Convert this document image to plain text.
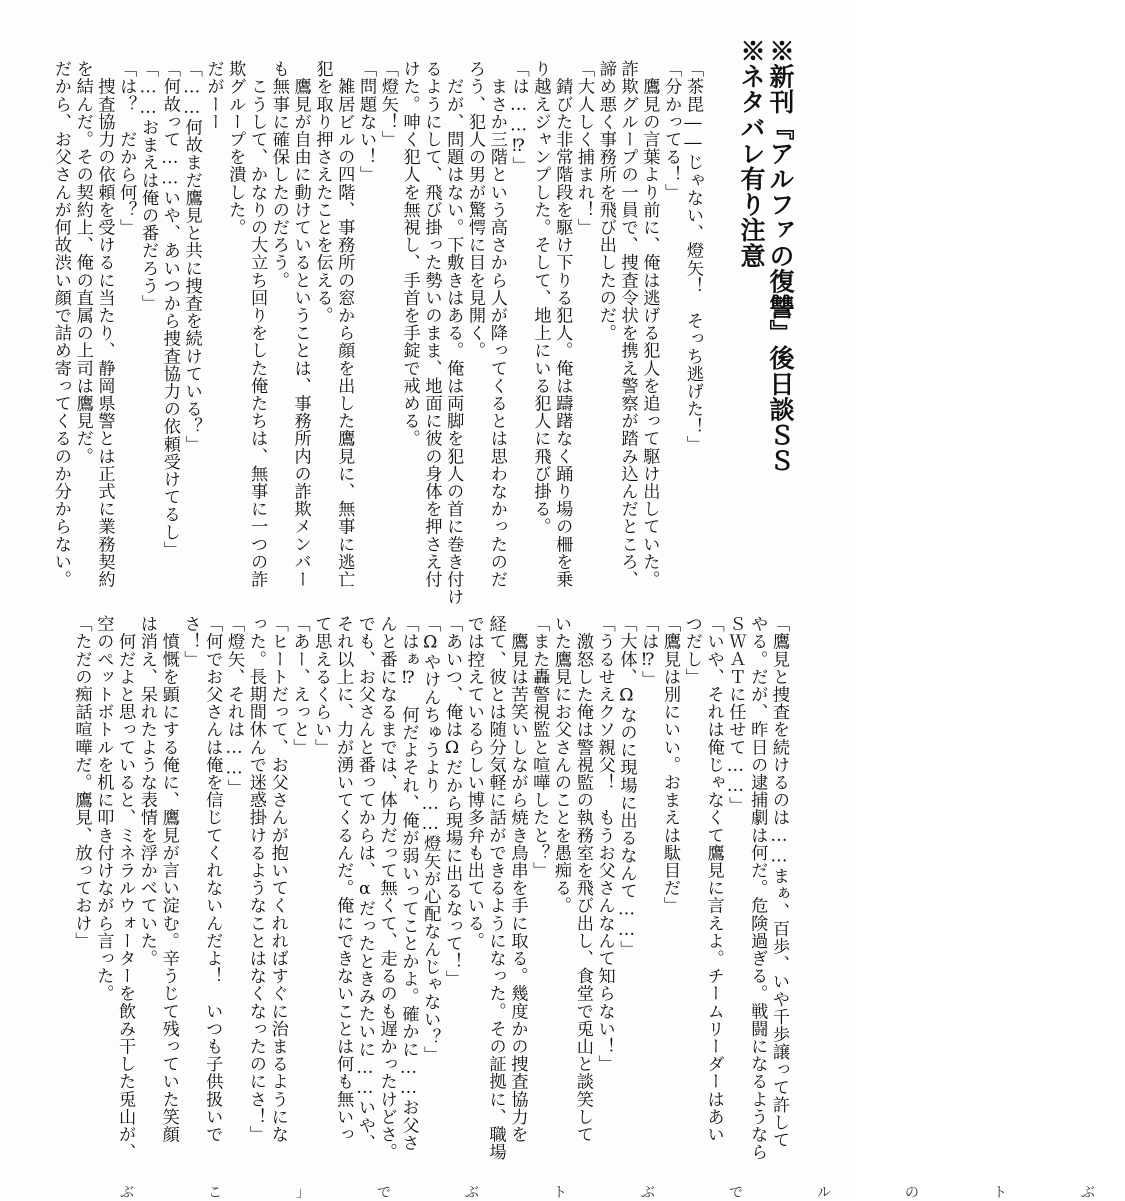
※新刊『アルファの復讐』後日談ＳＳ
※ネタバレ有り注意
「茶毘――じゃない、燈矢！　そっち逃げた！」
「分かってる！」
　鷹見の言葉より前に、俺は逃げる犯人を追って駆け出していた。
詐欺グループの一員で、捜査令状を携え警察が踏み込んだところ、
諦め悪く事務所を飛び出したのだ。
「大人しく捕まれ！」
　錆びた非常階段を駆け下りる犯人。俺は躊躇なく踊り場の柵を乗
り越えジャンプした。そして、地上にいる犯人に飛び掛る。
「は……⁉」
　まさか三階という高さから人が降ってくるとは思わなかったのだ
ろう、犯人の男が驚愕に目を見開く。
　だが、問題はない。下敷きはある。俺は両脚を犯人の首に巻き付け
るようにして、飛び掛った勢いのまま、地面に彼の身体を押さえ付
けた。呻く犯人を無視し、手首を手錠で戒める。
「燈矢！」
「問題ない！」
　雑居ビルの四階、事務所の窓から顔を出した鷹見に、無事に逃亡
犯を取り押さえたことを伝える。
　鷹見が自由に動けているということは、事務所内の詐欺メンバー
も無事に確保したのだろう。
　こうして、かなりの大立ち回りをした俺たちは、無事に一つの詐
欺グループを潰した。
だがーー
「……何故まだ鷹見と共に捜査を続けている？」
「何故って……いや、あいつから捜査協力の依頼受けてるし」
「……おまえは俺の番だろう」
「は？　だから何？」
　捜査協力の依頼を受けるに当たり、静岡県警とは正式に業務契約
を結んだ。その契約上、俺の直属の上司は鷹見だ。
だから、お父さんが何故渋い顔で詰め寄ってくるのか分からない。
「鷹見と捜査を続けるのは……まぁ、百歩、いや千歩譲って許して
やる。だが、昨日の逮捕劇は何だ。危険過ぎる。戦闘になるようなら
ＳＷＡＴに任せて……」
「いや、それは俺じゃなくて鷹見に言えよ。チームリーダーはあい
つだし」
「鷹見は別にいい。おまえは駄目だ」
「は⁉」
「大体、Ωなのに現場に出るなんて……」
「うるせえクソ親父！　もうお父さんなんて知らない！」
　激怒した俺は警視監の執務室を飛び出し、食堂で兎山と談笑して
いた鷹見にお父さんのことを愚痴る。
「また轟警視監と喧嘩したと？」
　鷹見は苦笑いしながら焼き鳥串を手に取る。幾度かの捜査協力を
経て、彼とは随分気軽に話ができるようになった。その証拠に、職場
では控えているらしい博多弁も出ている。
「あいつ、俺はΩだから現場に出るなって！」
「Ωやけんちゅうより……燈矢が心配なんじゃない？」
「はぁ⁉　何だよそれ、俺が弱いってことかよ。確かに……お父さ
んと番になるまでは、体力だって無くて、走るのも遅かったけどさ。
でも、お父さんと番ってからは、αだったときみたいに……いや、
それ以上に、力が湧いてくるんだ。俺にできないことは何も無いっ
て思えるくらい」
「あー、えっと」
「ヒートだって、お父さんが抱いてくれればすぐに治まるようにな
った。長期間休んで迷惑掛けるようなことはなくなったのにさ！」
「燈矢、それは……」
「何でお父さんは俺を信じてくれないんだよ！　いつも子供扱いで
さ！」
　憤慨を顕にする俺に、鷹見が言い淀む。辛うじて残っていた笑顔
は消え、呆れたような表情を浮かべていた。
　何だよと思っていると、ミネラルウォーターを飲み干した兎山が、
空のペットボトルを机に叩き付けながら言った。
「ただの痴話喧嘩だ。鷹見、放っておけ」
ぶ　こ　」　で　ぶ　ト　ぶ　で　ル　の　ト　ぶ
